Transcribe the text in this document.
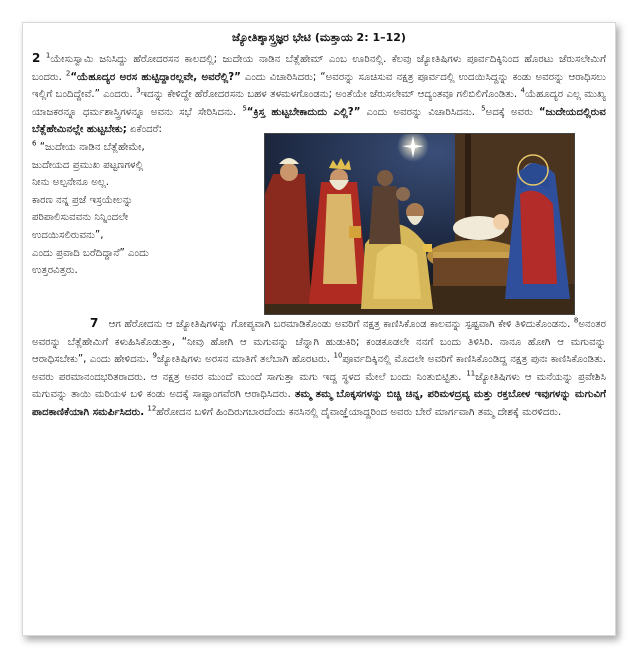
ಜ್ಯೋತಿಶ್ಶಾಸ್ತ್ರಜ್ಞರ ಭೇಟಿ (ಮತ್ತಾಯ 2: 1–12)

2 $^1$ಯೇಸುಸ್ವಾಮಿ ಜನಿಸಿದ್ದು ಹೆರೋದರಸನ ಕಾಲದಲ್ಲಿ; ಜುದೇಯ ನಾಡಿನ ಬೆತ್ಲೆಹೇಮ್ ಎಂಬ ಊರಿನಲ್ಲಿ. ಕೆಲವು ಜ್ಯೋತಿಷಿಗಳು ಪೂರ್ವದಿಕ್ಕಿನಿಂದ ಹೊರಟು ಜೆರುಸಲೇಮಿಗೆ ಬಂದರು. $^2$“ಯೆಹೂದ್ಯರ ಅರಸ ಹುಟ್ಟಿದ್ದಾರಲ್ಲವೇ, ಅವರೆಲ್ಲಿ?” ಎಂದು ವಿಚಾರಿಸಿದರು; “ಅವರನ್ನು ಸೂಚಿಸುವ ನಕ್ಷತ್ರ ಪೂರ್ವದಲ್ಲಿ ಉದಯಿಸಿದ್ದನ್ನು ಕಂಡು ಅವರನ್ನು ಆರಾಧಿಸಲು ಇಲ್ಲಿಗೆ ಬಂದಿದ್ದೇವೆ.” ಎಂದರು. $^3$ಇದನ್ನು ಕೇಳಿದ್ದೇ ಹೆರೋದರಸನು ಬಹಳ ತಳಮಳಗೊಂಡನು; ಅಂತೆಯೇ ಜೆರುಸಲೇಮ್ ಆದ್ಯಂತವೂ ಗಲಿಬಿಲಿಗೊಂಡಿತು. $^4$ಯೆಹೂದ್ಯರ ಎಲ್ಲ ಮುಖ್ಯ ಯಾಜಕರನ್ನೂ ಧರ್ಮಶಾಸ್ತ್ರಿಗಳನ್ನೂ ಅವನು ಸಭೆ ಸೇರಿಸಿದನು. $^5$“ಕ್ರಿಸ್ತ ಹುಟ್ಟಬೇಕಾದುದು ಎಲ್ಲಿ?” ಎಂದು ಅವರನ್ನು ವಿಚಾರಿಸಿದನು. $^5$ಅದಕ್ಕೆ ಅವರು “ಜುದೇಯದಲ್ಲಿರುವ ಬೆತ್ಲೆಹೇಮಿನಲ್ಲೇ ಹುಟ್ಟಬೇಕು; ಏಕೆಂದರೆ:

$^6$ “ಜುದೇಯ ನಾಡಿನ ಬೆತ್ಲೆಹೇಮೇ,

ಜುದೇಯದ ಪ್ರಮುಖ ಪಟ್ಟಣಗಳಲ್ಲಿ

ನೀನು ಅಲ್ಪನೇನೂ ಅಲ್ಲ.

ಕಾರಣ ನನ್ನ ಪ್ರಜೆ ಇಸ್ರಯೇಲನ್ನು

ಪರಿಪಾಲಿಸುವವನು ನಿನ್ನಿಂದಲೇ

ಉದಯಿಸಲಿರುವನು”,

ಎಂದು ಪ್ರವಾದಿ ಬರೆದಿದ್ದಾನೆ” ಎಂದು

ಉತ್ತರವಿತ್ತರು.

7 ಆಗ ಹೆರೋದನು ಆ ಜ್ಯೋತಿಷಿಗಳನ್ನು ಗೋಪ್ಯವಾಗಿ ಬರಮಾಡಿಕೊಂಡು ಅವರಿಗೆ ನಕ್ಷತ್ರ ಕಾಣಿಸಿಕೊಂಡ ಕಾಲವನ್ನು ಸ್ಪಷ್ಟವಾಗಿ ಕೇಳಿ ತಿಳಿದುಕೊಂಡನು. $^8$ಅನಂತರ ಅವರನ್ನು ಬೆತ್ಲೆಹೇಮಿಗೆ ಕಳುಹಿಸಿಕೊಡುತ್ತಾ, “ನೀವು ಹೋಗಿ ಆ ಮಗುವನ್ನು ಚೆನ್ನಾಗಿ ಹುಡುಕಿರಿ; ಕಂಡಕೂಡಲೇ ನನಗೆ ಬಂದು ತಿಳಿಸಿರಿ. ನಾನೂ ಹೋಗಿ ಆ ಮಗುವನ್ನು ಆರಾಧಿಸಬೇಕು”, ಎಂದು ಹೇಳಿದನು. $^9$ಜ್ಯೋತಿಷಿಗಳು ಅರಸನ ಮಾತಿಗೆ ತಲೆಬಾಗಿ ಹೊರಟರು. $^{10}$ಪೂರ್ವದಿಕ್ಕಿನಲ್ಲಿ ಮೊದಲೇ ಅವರಿಗೆ ಕಾಣಿಸಿಕೊಂಡಿದ್ದ ನಕ್ಷತ್ರ ಪುನಃ ಕಾಣಿಸಿಕೊಂಡಿತು. ಅವರು ಪರಮಾನಂದಭರಿತರಾದರು. ಆ ನಕ್ಷತ್ರ ಅವರ ಮುಂದೆ ಮುಂದೆ ಸಾಗುತ್ತಾ ಮಗು ಇದ್ದ ಸ್ಥಳದ ಮೇಲೆ ಬಂದು ನಿಂತುಬಿಟ್ಟಿತು. $^{11}$ಜ್ಯೋತಿಷಿಗಳು ಆ ಮನೆಯನ್ನು ಪ್ರವೇಶಿಸಿ ಮಗುವನ್ನು ತಾಯಿ ಮರಿಯಳ ಬಳಿ ಕಂಡು ಅದಕ್ಕೆ ಸಾಷ್ಟಾಂಗವೆರಗಿ ಆರಾಧಿಸಿದರು. ತಮ್ಮ ತಮ್ಮ ಬೊಕ್ಕಸಗಳನ್ನು ಬಿಚ್ಚಿ ಚಿನ್ನ, ಪರಿಮಳದ್ರವ್ಯ ಮತ್ತು ರಕ್ತಬೋಳ ಇವುಗಳನ್ನು ಮಗುವಿಗೆ ಪಾದಕಾಣಿಕೆಯಾಗಿ ಸಮರ್ಪಿಸಿದರು. $^{12}$ಹೆರೋದನ ಬಳಿಗೆ ಹಿಂದಿರುಗಬಾರದೆಂದು ಕನಸಿನಲ್ಲಿ ದೈವಾಜ್ಞೆಯಾದ್ದರಿಂದ ಅವರು ಬೇರೆ ಮಾರ್ಗವಾಗಿ ತಮ್ಮ ದೇಶಕ್ಕೆ ಮರಳಿದರು.
